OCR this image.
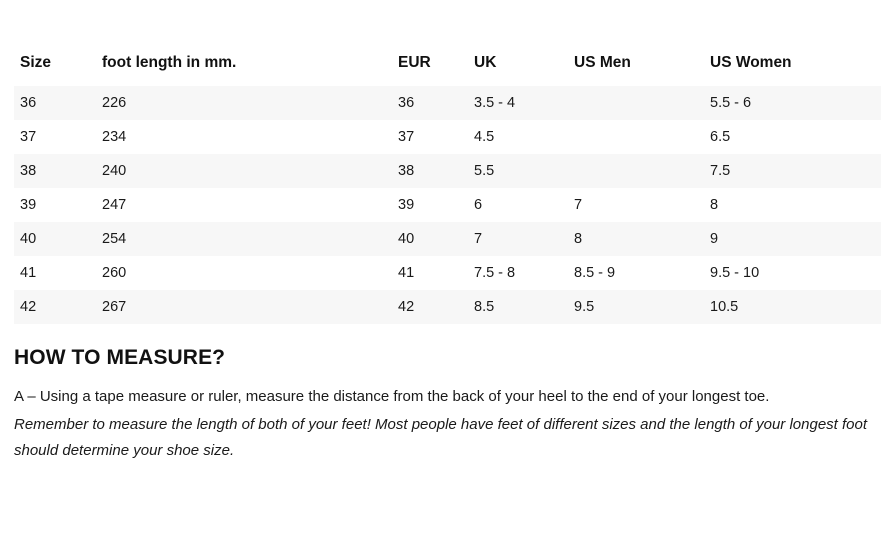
Size	foot length in mm.	EUR	UK	US Men	US Women
36	226	36	3.5 - 4		5.5 - 6
37	234	37	4.5		6.5
38	240	38	5.5		7.5
39	247	39	6	7	8
40	254	40	7	8	9
41	260	41	7.5 - 8	8.5 - 9	9.5 - 10
42	267	42	8.5	9.5	10.5
HOW TO MEASURE?

A – Using a tape measure or ruler, measure the distance from the back of your heel to the end of your longest toe.

Remember to measure the length of both of your feet! Most people have feet of different sizes and the length of your longest foot should determine your shoe size.
